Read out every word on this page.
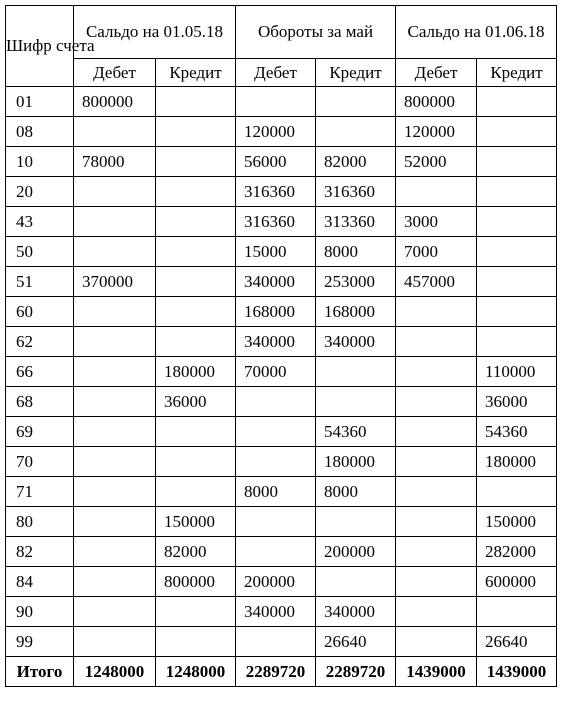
Шифр счета	Сальдо на 01.05.18		Обороты за май		Сальдо на 01.06.18	
	Дебет	Кредит	Дебет	Кредит	Дебет	Кредит
01	800000				800000	
08			120000		120000	
10	78000		56000	82000	52000	
20			316360	316360		
43			316360	313360	3000	
50			15000	8000	7000	
51	370000		340000	253000	457000	
60			168000	168000		
62			340000	340000		
66		180000	70000			110000
68		36000				36000
69				54360		54360
70				180000		180000
71			8000	8000		
80		150000				150000
82		82000		200000		282000
84		800000	200000			600000
90			340000	340000		
99				26640		26640
Итого	1248000	1248000	2289720	2289720	1439000	1439000
